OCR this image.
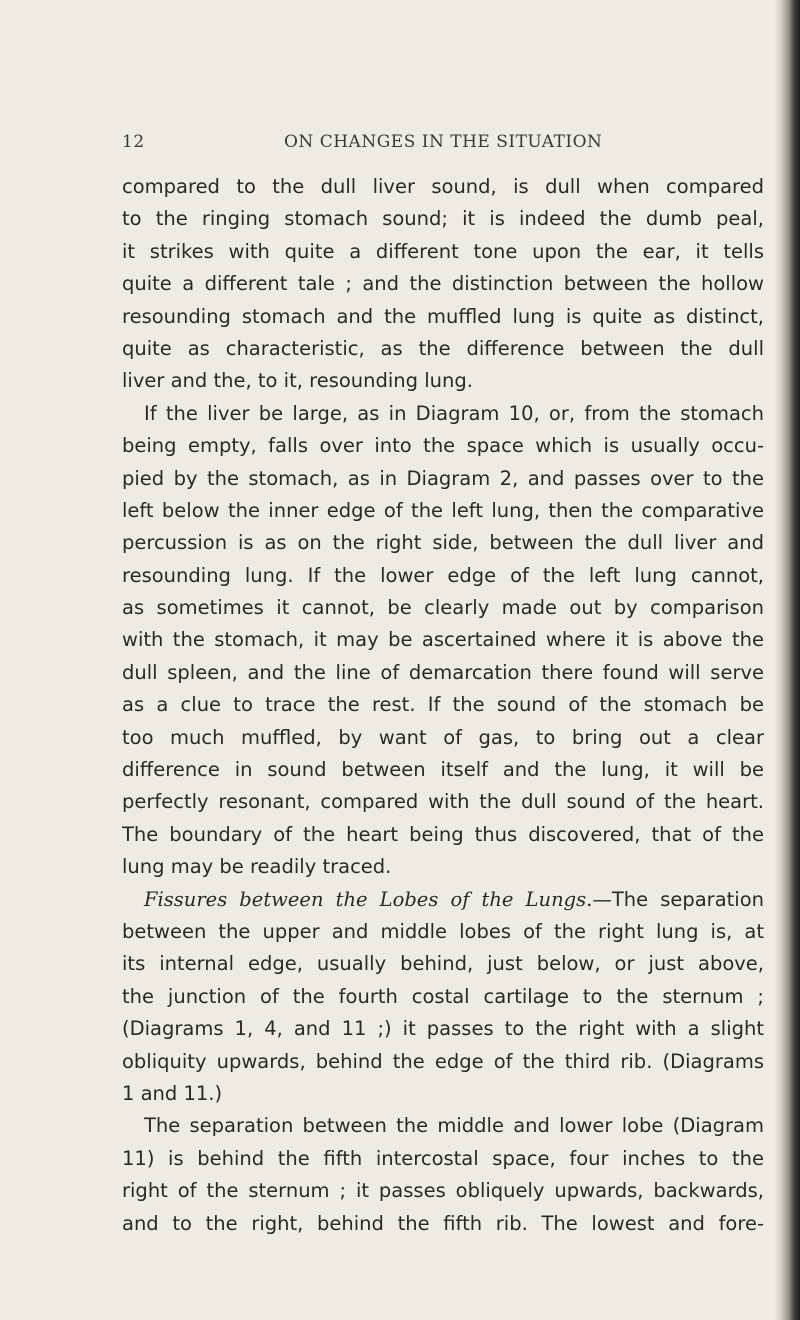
12	ON CHANGES IN THE SITUATION
compared to the dull liver sound, is dull when compared
to the ringing stomach sound; it is indeed the dumb peal,
it strikes with quite a different tone upon the ear, it tells
quite a different tale ; and the distinction between the hollow
resounding stomach and the muffled lung is quite as distinct,
quite as characteristic, as the difference between the dull
liver and the, to it, resounding lung.
If the liver be large, as in Diagram 10, or, from the stomach
being empty, falls over into the space which is usually occu-
pied by the stomach, as in Diagram 2, and passes over to the
left below the inner edge of the left lung, then the comparative
percussion is as on the right side, between the dull liver and
resounding lung. If the lower edge of the left lung cannot,
as sometimes it cannot, be clearly made out by comparison
with the stomach, it may be ascertained where it is above the
dull spleen, and the line of demarcation there found will serve
as a clue to trace the rest. If the sound of the stomach be
too much muffled, by want of gas, to bring out a clear
difference in sound between itself and the lung, it will be
perfectly resonant, compared with the dull sound of the heart.
The boundary of the heart being thus discovered, that of the
lung may be readily traced.
Fissures between the Lobes of the Lungs.—The separation
between the upper and middle lobes of the right lung is, at
its internal edge, usually behind, just below, or just above,
the junction of the fourth costal cartilage to the sternum ;
(Diagrams 1, 4, and 11 ;) it passes to the right with a slight
obliquity upwards, behind the edge of the third rib. (Diagrams
1 and 11.)
The separation between the middle and lower lobe (Diagram
11) is behind the fifth intercostal space, four inches to the
right of the sternum ; it passes obliquely upwards, backwards,
and to the right, behind the fifth rib. The lowest and fore-
